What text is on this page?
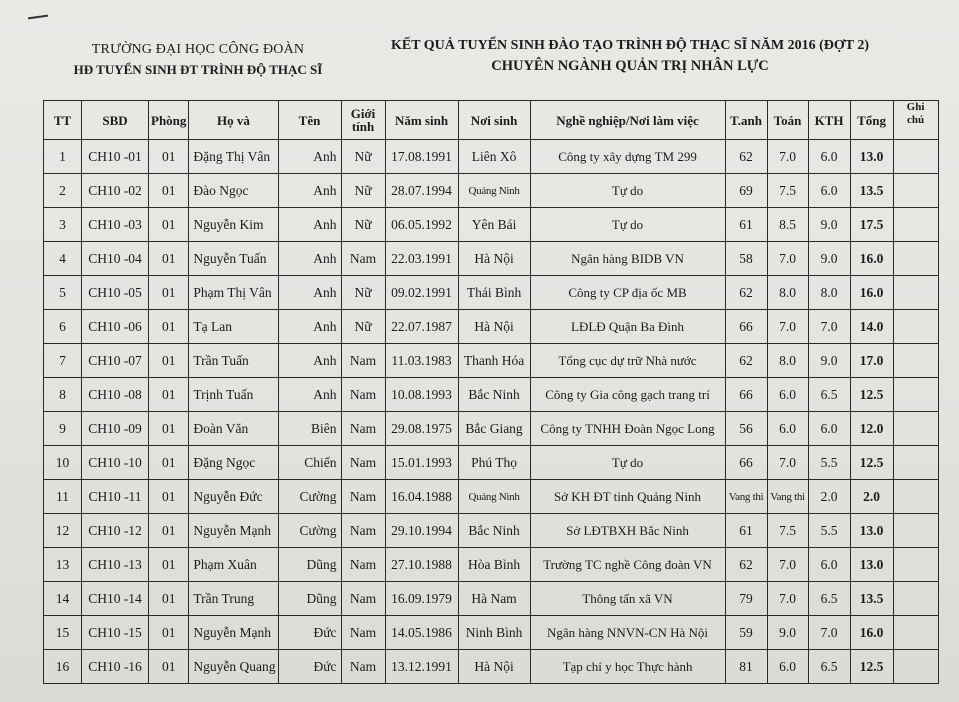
TRƯỜNG ĐẠI HỌC CÔNG ĐOÀN
HĐ TUYỂN SINH ĐT TRÌNH ĐỘ THẠC SĨ
KẾT QUẢ TUYỂN SINH ĐÀO TẠO TRÌNH ĐỘ THẠC SĨ NĂM 2016 (ĐỢT 2)
CHUYÊN NGÀNH QUẢN TRỊ NHÂN LỰC
TT	SBD	Phòng	Họ và	Tên	Giới
tính	Năm sinh	Nơi sinh	Nghề nghiệp/Nơi làm việc	T.anh	Toán	KTH	Tổng	Ghi
chú
1	CH10 -01	01	Đặng Thị Vân	Anh	Nữ	17.08.1991	Liên Xô	Công ty xây dựng TM 299	62	7.0	6.0	13.0	
2	CH10 -02	01	Đào Ngọc	Anh	Nữ	28.07.1994	Quảng Ninh	Tự do	69	7.5	6.0	13.5	
3	CH10 -03	01	Nguyễn Kim	Anh	Nữ	06.05.1992	Yên Bái	Tự do	61	8.5	9.0	17.5	
4	CH10 -04	01	Nguyễn Tuấn	Anh	Nam	22.03.1991	Hà Nội	Ngân hàng BIDB VN	58	7.0	9.0	16.0	
5	CH10 -05	01	Phạm Thị Vân	Anh	Nữ	09.02.1991	Thái Bình	Công ty CP địa ốc MB	62	8.0	8.0	16.0	
6	CH10 -06	01	Tạ Lan	Anh	Nữ	22.07.1987	Hà Nội	LĐLĐ Quận Ba Đình	66	7.0	7.0	14.0	
7	CH10 -07	01	Trần Tuấn	Anh	Nam	11.03.1983	Thanh Hóa	Tổng cục dự trữ Nhà nước	62	8.0	9.0	17.0	
8	CH10 -08	01	Trịnh Tuấn	Anh	Nam	10.08.1993	Bắc Ninh	Công ty Gia công gạch trang trí	66	6.0	6.5	12.5	
9	CH10 -09	01	Đoàn Văn	Biên	Nam	29.08.1975	Bắc Giang	Công ty TNHH Đoàn Ngọc Long	56	6.0	6.0	12.0	
10	CH10 -10	01	Đặng Ngọc	Chiến	Nam	15.01.1993	Phú Thọ	Tự do	66	7.0	5.5	12.5	
11	CH10 -11	01	Nguyễn Đức	Cường	Nam	16.04.1988	Quảng Ninh	Sở KH ĐT tỉnh Quảng Ninh	Vang thi	Vang thi	2.0	2.0	
12	CH10 -12	01	Nguyễn Mạnh	Cường	Nam	29.10.1994	Bắc Ninh	Sở LĐTBXH Bắc Ninh	61	7.5	5.5	13.0	
13	CH10 -13	01	Phạm Xuân	Dũng	Nam	27.10.1988	Hòa Bình	Trường TC nghề Công đoàn VN	62	7.0	6.0	13.0	
14	CH10 -14	01	Trần Trung	Dũng	Nam	16.09.1979	Hà Nam	Thông tấn xã VN	79	7.0	6.5	13.5	
15	CH10 -15	01	Nguyễn Mạnh	Đức	Nam	14.05.1986	Ninh Bình	Ngân hàng NNVN-CN Hà Nội	59	9.0	7.0	16.0	
16	CH10 -16	01	Nguyễn Quang	Đức	Nam	13.12.1991	Hà Nội	Tạp chí y học Thực hành	81	6.0	6.5	12.5	
